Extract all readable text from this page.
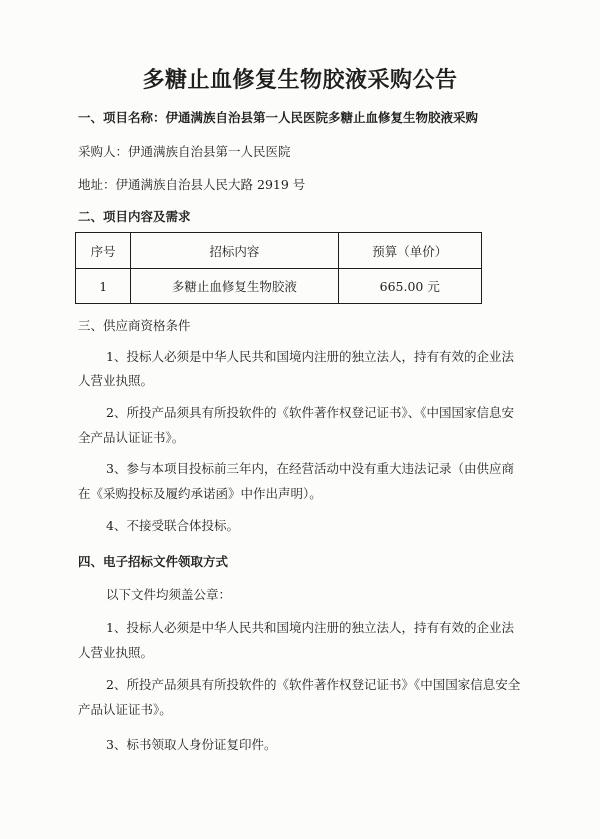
多糖止血修复生物胶液采购公告
一、项目名称：伊通满族自治县第一人民医院多糖止血修复生物胶液采购
采购人：伊通满族自治县第一人民医院
地址：伊通满族自治县人民大路 2919 号
二、项目内容及需求
序号	招标内容	预算（单价）
1	多糖止血修复生物胶液	665.00 元
三、供应商资格条件
1、投标人必须是中华人民共和国境内注册的独立法人，持有有效的企业法
人营业执照。
2、所投产品须具有所投软件的《软件著作权登记证书》、《中国国家信息安
全产品认证证书》。
3、参与本项目投标前三年内，在经营活动中没有重大违法记录（由供应商
在《采购投标及履约承诺函》中作出声明）。
4、不接受联合体投标。
四、电子招标文件领取方式
以下文件均须盖公章：
1、投标人必须是中华人民共和国境内注册的独立法人，持有有效的企业法
人营业执照。
2、所投产品须具有所投软件的《软件著作权登记证书》《中国国家信息安全
产品认证证书》。
3、标书领取人身份证复印件。
